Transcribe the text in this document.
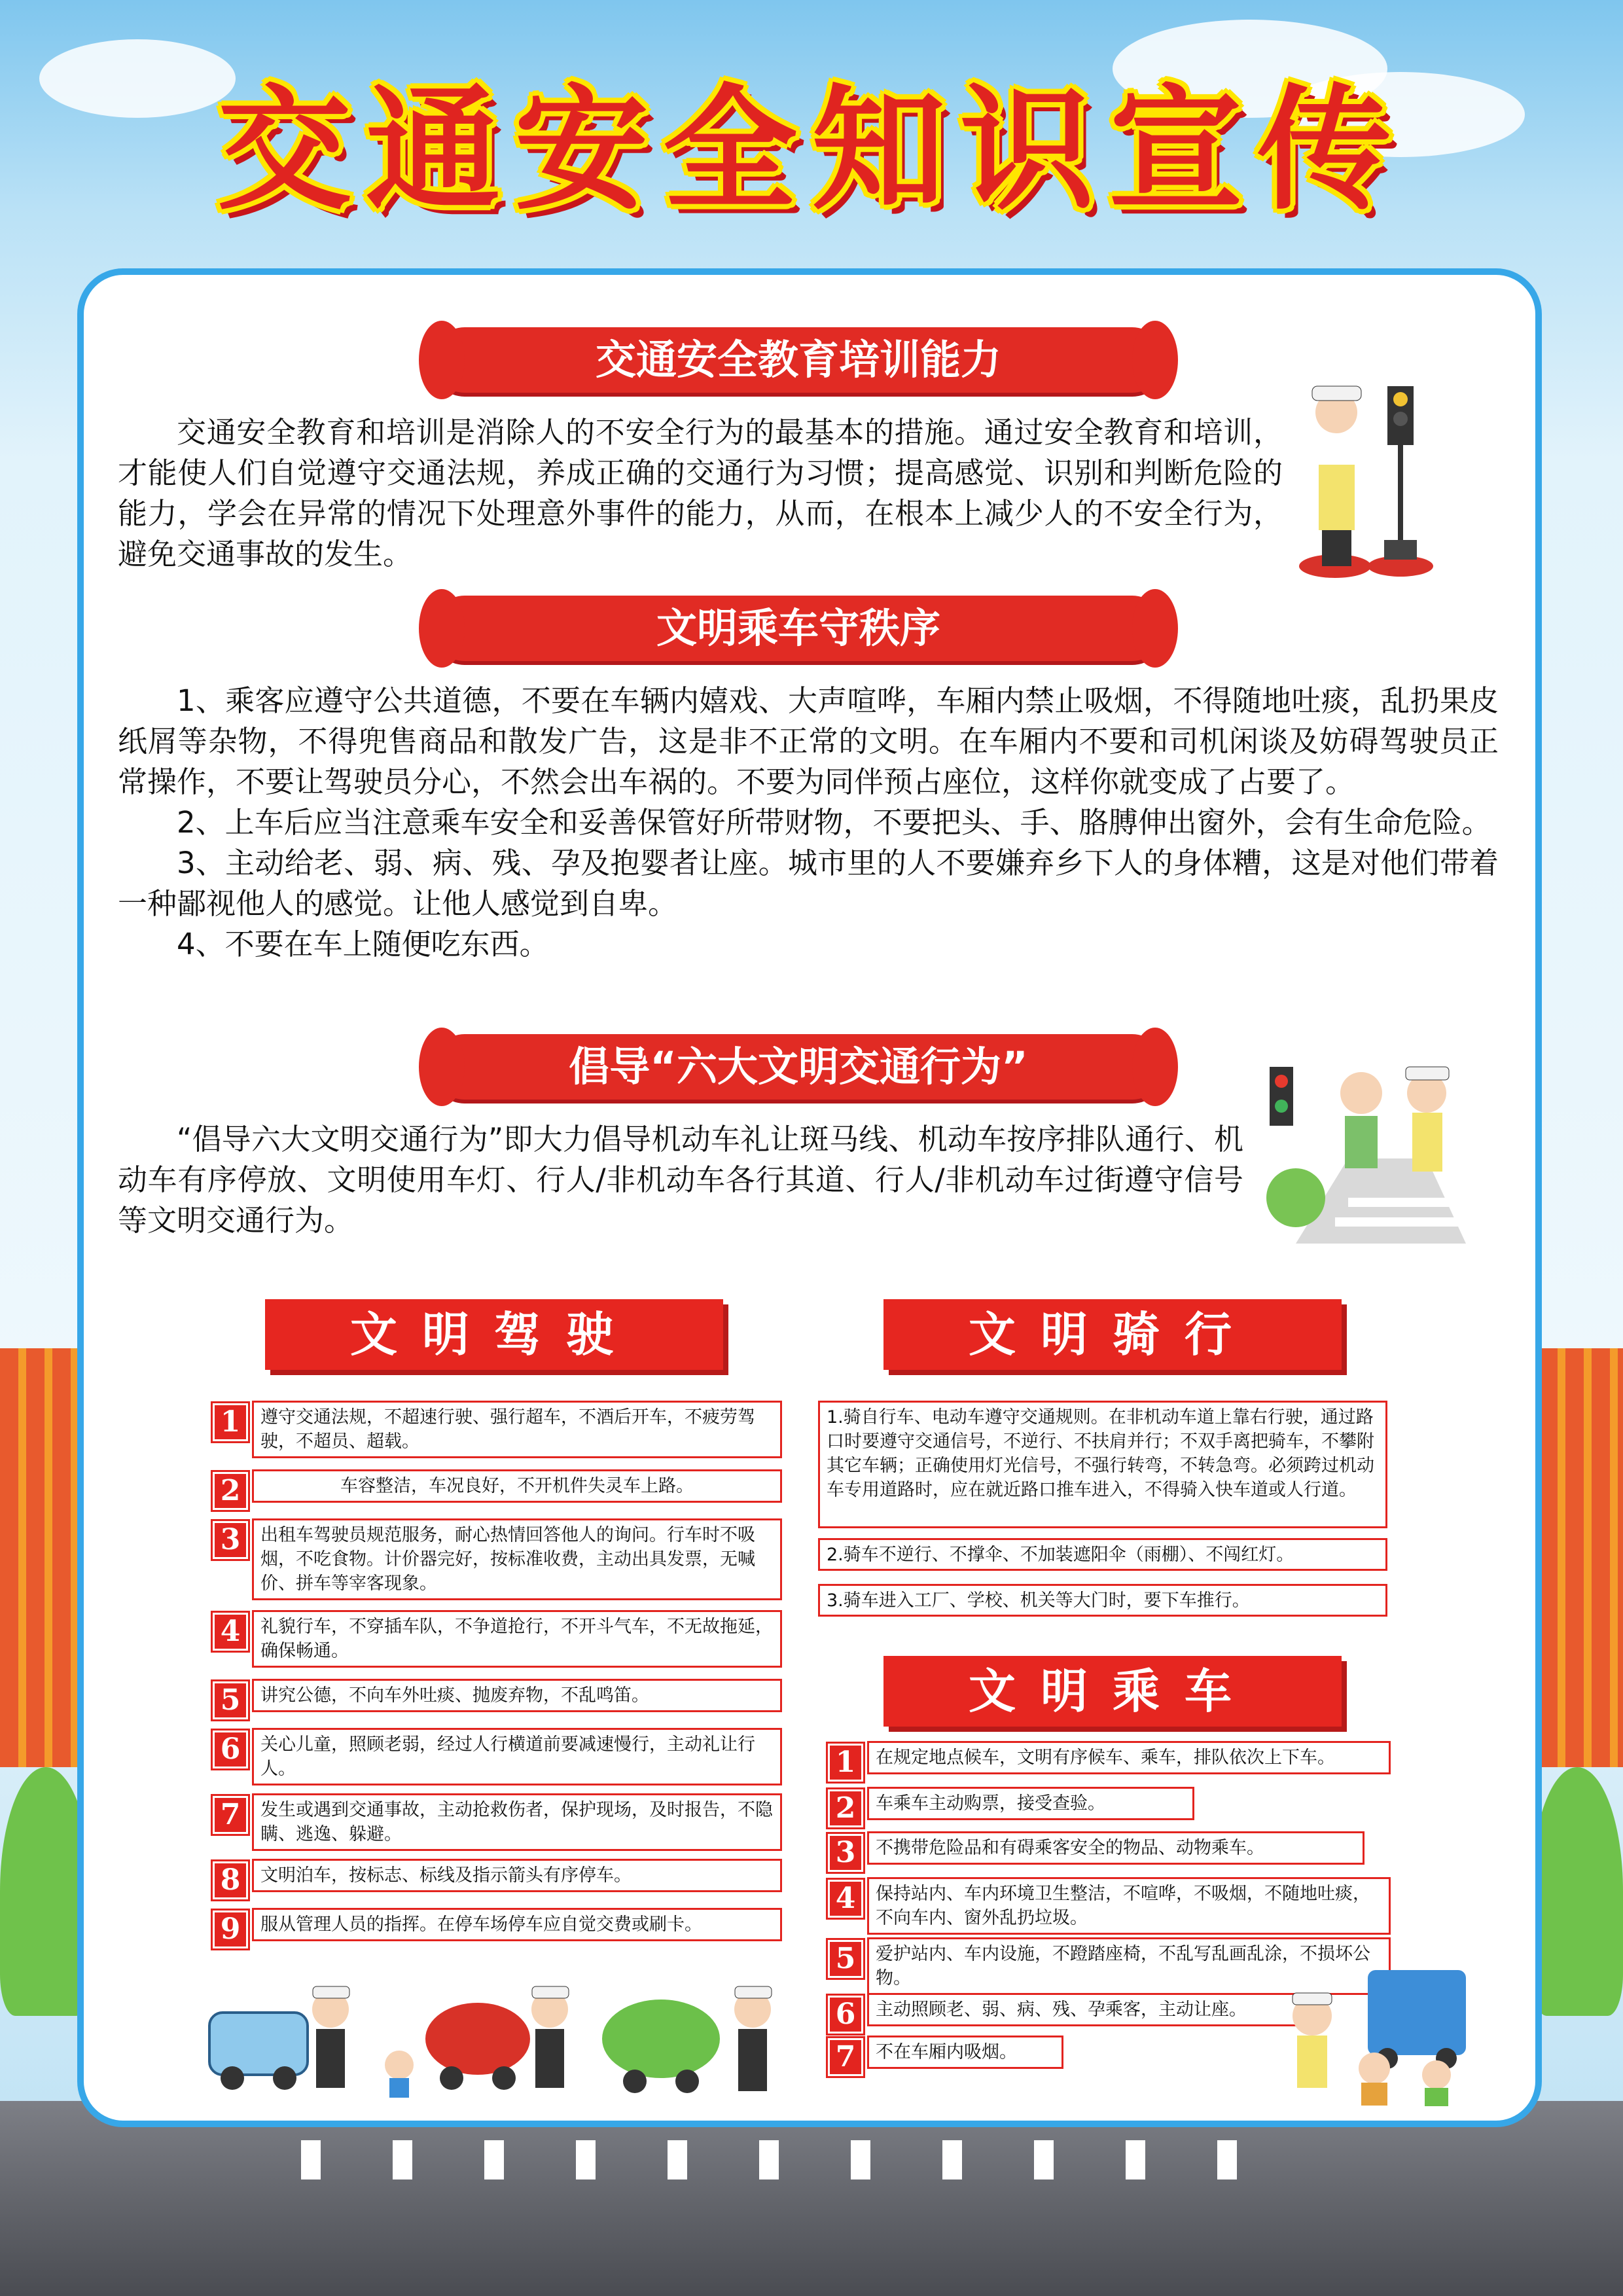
交通安全知识宣传
交通安全教育培训能力

交通安全教育和培训是消除人的不安全行为的最基本的措施。通过安全教育和培训，才能使人们自觉遵守交通法规，养成正确的交通行为习惯；提高感觉、识别和判断危险的能力，学会在异常的情况下处理意外事件的能力，从而，在根本上减少人的不安全行为，避免交通事故的发生。

文明乘车守秩序

1、乘客应遵守公共道德，不要在车辆内嬉戏、大声喧哗，车厢内禁止吸烟，不得随地吐痰，乱扔果皮纸屑等杂物，不得兜售商品和散发广告，这是非不正常的文明。在车厢内不要和司机闲谈及妨碍驾驶员正常操作，不要让驾驶员分心，不然会出车祸的。不要为同伴预占座位，这样你就变成了占要了。

2、上车后应当注意乘车安全和妥善保管好所带财物，不要把头、手、胳膊伸出窗外，会有生命危险。

3、主动给老、弱、病、残、孕及抱婴者让座。城市里的人不要嫌弃乡下人的身体糟，这是对他们带着一种鄙视他人的感觉。让他人感觉到自卑。

4、不要在车上随便吃东西。

倡导“六大文明交通行为”

“倡导六大文明交通行为”即大力倡导机动车礼让斑马线、机动车按序排队通行、机动车有序停放、文明使用车灯、行人/非机动车各行其道、行人/非机动车过街遵守信号等文明交通行为。

文明驾驶
1	遵守交通法规，不超速行驶、强行超车，不酒后开车，不疲劳驾驶，不超员、超载。
2	车容整洁，车况良好，不开机件失灵车上路。
3	出租车驾驶员规范服务，耐心热情回答他人的询问。行车时不吸烟，不吃食物。计价器完好，按标准收费，主动出具发票，无喊价、拼车等宰客现象。
4	礼貌行车，不穿插车队，不争道抢行，不开斗气车，不无故拖延，确保畅通。
5	讲究公德，不向车外吐痰、抛废弃物，不乱鸣笛。
6	关心儿童，照顾老弱，经过人行横道前要减速慢行，主动礼让行人。
7	发生或遇到交通事故，主动抢救伤者，保护现场，及时报告，不隐瞒、逃逸、躲避。
8	文明泊车，按标志、标线及指示箭头有序停车。
9	服从管理人员的指挥。在停车场停车应自觉交费或刷卡。
文明骑行
1.骑自行车、电动车遵守交通规则。在非机动车道上靠右行驶，通过路口时要遵守交通信号，不逆行、不扶肩并行；不双手离把骑车，不攀附其它车辆；正确使用灯光信号，不强行转弯，不转急弯。必须跨过机动车专用道路时，应在就近路口推车进入，不得骑入快车道或人行道。
2.骑车不逆行、不撑伞、不加装遮阳伞（雨棚）、不闯红灯。
3.骑车进入工厂、学校、机关等大门时，要下车推行。
文明乘车
1	在规定地点候车，文明有序候车、乘车，排队依次上下车。
2	车乘车主动购票，接受查验。
3	不携带危险品和有碍乘客安全的物品、动物乘车。
4	保持站内、车内环境卫生整洁，不喧哗，不吸烟，不随地吐痰，不向车内、窗外乱扔垃圾。
5	爱护站内、车内设施，不蹬踏座椅，不乱写乱画乱涂，不损坏公物。
6	主动照顾老、弱、病、残、孕乘客，主动让座。
7	不在车厢内吸烟。
